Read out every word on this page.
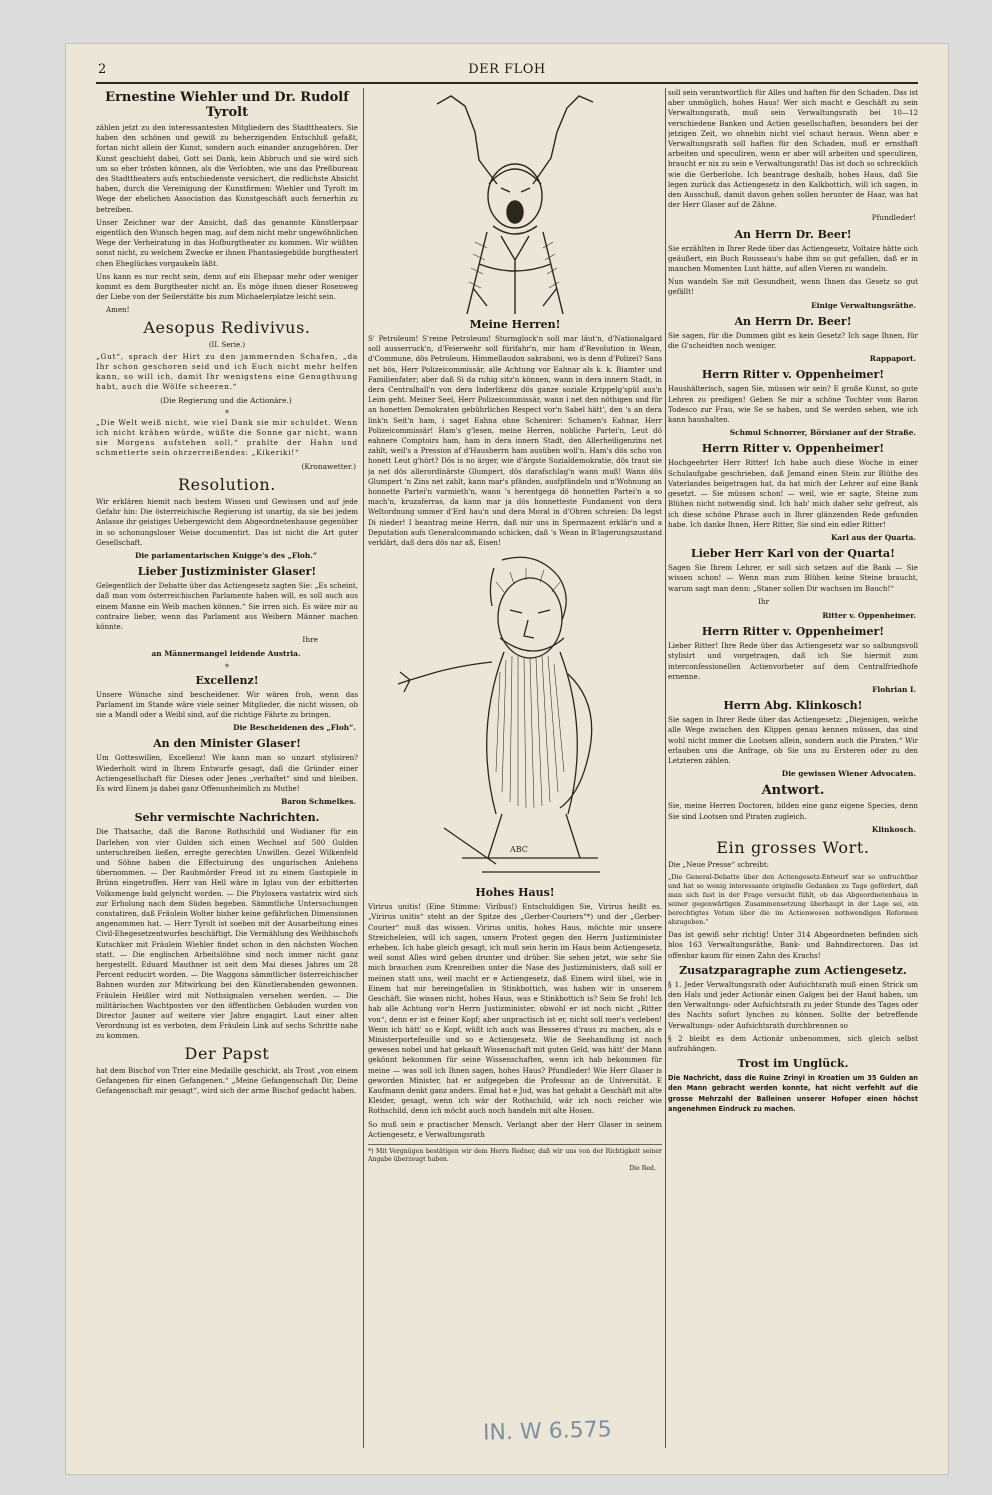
2	DER FLOH
Ernestine Wiehler und Dr. Rudolf Tyrolt

zählen jetzt zu den interessantesten Mitgliedern des Stadttheaters. Sie haben den schönen und gewiß zu beherzigenden Entschluß gefaßt, fortan nicht allein der Kunst, sondern auch einander anzugehören. Der Kunst geschieht dabei, Gott sei Dank, kein Abbruch und sie wird sich um so eher trösten können, als die Verlobten, wie uns das Preßbureau des Stadttheaters aufs entschiedenste versichert, die redlichste Absicht haben, durch die Vereinigung der Kunstfirmen: Wiehler und Tyrolt im Wege der ehelichen Association das Kunstgeschäft auch fernerhin zu betreiben.

Unser Zeichner war der Ansicht, daß das genannte Künstlerpaar eigentlich den Wunsch hegen mag, auf dem nicht mehr ungewöhnlichen Wege der Verheiratung in das Hofburgtheater zu kommen. Wir wüßten sonst nicht, zu welchem Zwecke er ihnen Phantasiegebilde burgtheaterl chen Eheglückes vorgaukeln läßt.

Uns kann es nur recht sein, denn auf ein Ehepaar mehr oder weniger kommt es dem Burgtheater nicht an. Es möge ihnen dieser Rosenweg der Liebe von der Seilerstätte bis zum Michaelerplatze leicht sein.

Amen!

Aesopus Redivivus.
(II. Serie.)

„Gut“, sprach der Hirt zu den jammernden Schafen, „da Ihr schon geschoren seid und ich Euch nicht mehr helfen kann, so will ich, damit Ihr wenigstens eine Genugthuung habt, auch die Wölfe scheeren.“

(Die Regierung und die Actionäre.)
*

„Die Welt weiß nicht, wie viel Dank sie mir schuldet. Wenn ich nicht krähen würde, wüßte die Sonne gar nicht, wann sie Morgens aufstehen soll,“ prahlte der Hahn und schmetterte sein ohrzerreißendes: „Kikeriki!“

(Kronawetter.)
Resolution.

Wir erklären hiemit nach bestem Wissen und Gewissen und auf jede Gefahr hin: Die österreichische Regierung ist unartig, da sie bei jedem Anlasse ihr geistiges Uebergewicht dem Abgeordnetenhause gegenüber in so schonungsloser Weise documentirt. Das ist nicht die Art guter Gesellschaft.

Die parlamentarischen Knigge's des „Floh.“
Lieber Justizminister Glaser!

Gelegentlich der Debatte über das Actiengesetz sagten Sie: „Es scheint, daß man vom österreichischen Parlamente haben will, es soll auch aus einem Manne ein Weib machen können.“ Sie irren sich. Es wäre mir au contraire lieber, wenn das Parlament aus Weibern Männer machen könnte.

Ihre
an Männermangel leidende Austria.
*
Excellenz!

Unsere Wünsche sind bescheidener. Wir wären froh, wenn das Parlament im Stande wäre viele seiner Mitglieder, die nicht wissen, ob sie a Mandl oder a Weibl sind, auf die richtige Fährte zu bringen.

Die Bescheidenen des „Floh“.
An den Minister Glaser!

Um Gotteswillen, Excellenz! Wie kann man so unzart stylisiren? Wiederholt wird in Ihrem Entwurfe gesagt, daß die Gründer einer Actiengesellschaft für Dieses oder Jenes „verhaftet“ sind und bleiben. Es wird Einem ja dabei ganz Offenunheimlich zu Muthe!

Baron Schmelkes.
Sehr vermischte Nachrichten.

Die Thatsache, daß die Barone Rothschild und Wodianer für ein Darlehen von vier Gulden sich einen Wechsel auf 500 Gulden unterschreiben ließen, erregte gerechten Unwillen. Gezel Wilkenfeld und Söhne haben die Effectuirung des ungarischen Anlehens übernommen. — Der Raubmörder Freud ist zu einem Gastspiele in Brünn eingetroffen. Herr van Hell wäre in Iglau von der erbitterten Volksmenge bald gelyncht worden. — Die Phyloxera vastatrix wird sich zur Erholung nach dem Süden begeben. Sämmtliche Untersuchungen constatiren, daß Fräulein Wolter bisher keine gefährlichen Dimensionen angenommen hat. — Herr Tyrolt ist soeben mit der Ausarbeitung eines Civil-Ehegesetzentwurfes beschäftigt. Die Vermählung des Weihbischofs Kutschker mit Fräulein Wiehler findet schon in den nächsten Wochen statt. — Die englischen Arbeitslöhne sind noch immer nicht ganz hergestellt. Eduard Mauthner ist seit dem Mai dieses Jahres um 28 Percent reducirt worden. — Die Waggons sämmtlicher österreichischer Bahnen wurden zur Mitwirkung bei den Künstlerabenden gewonnen. Fräulein Heißler wird mit Nothsignalen versehen werden. — Die militärischen Wachtposten vor den öffentlichen Gebäuden wurden von Director Jauner auf weitere vier Jahre engagirt. Laut einer alten Verordnung ist es verboten, dem Fräulein Link auf sechs Schritte nahe zu kommen.

Der Papst

hat dem Bischof von Trier eine Medaille geschickt, als Trost „von einem Gefangenen für einen Gefangenen.“ „Meine Gefangenschaft Dir, Deine Gefangenschaft mir gesagt“, wird sich der arme Bischof gedacht haben.

Meine Herren!

S' Petroleum! S'reine Petroleum! Sturmglock'n soll mar läut'n, d'Nationalgard soll ausserruck'n, d'Feierwehr soll fürifahr'n, mir ham d'Revolution in Wean, d'Commune, dös Petroleum. Himmellaudon sakrabonі, wo is denn d'Polizei? Sans net bös, Herr Polizeicommissär, alle Achtung vor Eahnar als k. k. Biamter und Familienfater; aber daß Si da ruhig sitz'n können, wann in dera innern Stadt, in dera Centralhall'n von dera Inderlikenz dös ganze soziale Krippelg'spül aus'n Leim geht. Meiner Seel, Herr Polizeicommissär, wann i net den nöthigen und für an honetten Demokraten gebührlichen Respect vor'n Sabel hätt', den 's an dera link'n Seit'n ham, i saget Eahna ohne Schenirer: Schamen's Eahnar, Herr Polizeicommissär! Ham's g'lesen, meine Herren, nobliche Partei'n, Leut dö eahnere Comptoirs ham, ham in dera innern Stadt, den Allerheiligenzins net zahlt, weil's a Pression af d'Hausherrn ham ausüben woll'n. Ham's dös scho von honett Leut g'hört? Dös is no ärger, wie d'ärgste Sozialdemokratie, dös traut sie ja net dös allerordinärste Glumpert, dös darafschlag'n wann muß! Wann dös Glumpert 'n Zins net zahlt, kann mar's pfänden, ausfpfändeln und n'Wohnung an honnette Partei'n varmieth'n, wann 's herentgega dö honnetten Partei'n a so mach'n, kruzaferras, da kann mar ja dös honnetteste Fundament von dera Weltordnung ummer d'Erd hau'n und dera Moral in d'Ohren schreien: Da legst Di nieder! I beantrag meine Herrn, daß mir uns in Spermazent erklär'n und a Deputation aufs Generalcommando schicken, daß 's Wean in B'lagerungszustand verklärt, daß dera dös nar aß, Eisen!

ABC
Hohes Haus!

Virirus unitis! (Eine Stimme: Viribus!) Entschuldigen Sie, Virirus heißt es. „Virirus unitis“ steht an der Spitze des „Gerber-Couriers“*) und der „Gerber-Courier“ muß das wissen. Virirus unitis, hohes Haus, möchte mir unsere Streicheleien, will ich sagen, unsern Protest gegen den Herrn Justizminister erheben. Ich habe gleich gesagt, ich muß sein herin im Haus beim Actiengesetz, weil sonst Alles wird gehen drunter und drüber. Sie sehen jetzt, wie sehr Sie mich brauchen zum Krenreiben unter die Nase des Justizministers, daß soll er meinen statt uns, weil macht er e Actiengesetz, daß Einem wird übel, wie in Einem hat mir hereingefallen in Stinkbottich, was haben wir in unserem Geschäft. Sie wissen nicht, hohes Haus, was e Stinkbottich is? Sein Se froh! Ich hab alle Achtung vor'n Herrn Justizminister, obwohl er ist noch nicht „Ritter von“, denn er ist e feiner Kopf; aber unpractisch ist er, nicht soll mer's verleben! Wenn ich hätt' so e Kopf, wüßt ich auch was Besseres d'raus zu machen, als e Ministerportefeuille und so e Actiengesetz. Wie de Seehandlung ist noch gewesen nobel und hat gekauft Wissenschaft mit guten Geld, was hätt' der Mann gekönnt bekommen für seine Wissenschaften, wenn ich hab bekommen für meine — was soll ich Ihnen sagen, hohes Haus? Pfundleder! Wie Herr Glaser is geworden Minister, hat er aufgegeben die Professur an de Universität. E Kaufmann denkt ganz anders. Emal hat e Jud, was hat gehabt a Geschäft mit alte Kleider, gesagt, wenn ich wär der Rothschild, wär ich noch reicher wie Rothschild, denn ich möcht auch noch handeln mit alte Hosen.

So muß sein e practischer Mensch. Verlangt aber der Herr Glaser in seinem Actiengesetz, e Verwaltungsrath

*) Mit Vergnügen bestätigen wir dem Herrn Redner, daß wir uns von der Richtigkeit seiner Angabe überzeugt haben.
Die Red.

soll sein verantwortlich für Alles und haften für den Schaden. Das ist aber unmöglich, hohes Haus! Wer sich macht e Geschäft zu sein Verwaltungsrath, muß sein Verwaltungsrath bei 10—12 verschiedene Banken und Actien gesellschaften, besonders bei der jetzigen Zeit, wo ohnehin nicht viel schaut heraus. Wenn aber e Verwaltungsrath soll haften für den Schaden, muß er ernsthaft arbeiten und speculiren, wenn er aber will arbeiten und speculiren, braucht er nix zu sein e Verwaltungsrath! Das ist doch so schrecklich wie die Gerberlohe. Ich beantrage deshalb, hohes Haus, daß Sie legen zurück das Actiengesetz in den Kalkbottich, will ich sagen, in den Ausschuß, damit davon gehen sollen herunter de Haar, was hat der Herr Glaser auf de Zähne.

Pfundleder!
An Herrn Dr. Beer!

Sie erzählten in Ihrer Rede über das Actiengesetz, Voltaire hätte sich geäußert, ein Buch Rousseau's habe ihm so gut gefallen, daß er in manchen Momenten Lust hätte, auf allen Vieren zu wandeln.

Nun wandeln Sie mit Gesundheit, wenn Ihnen das Gesetz so gut gefällt!

Einige Verwaltungsräthe.
An Herrn Dr. Beer!

Sie sagen, für die Dummen gibt es kein Gesetz? Ich sage Ihnen, für die G'scheidten noch weniger.

Rappaport.
Herrn Ritter v. Oppenheimer!

Haushälterisch, sagen Sie, müssen wir sein? E große Kunst, so gute Lehren zu predigen! Geben Se mir a schöne Tochter vom Baron Todesco zur Frau, wie Se se haben, und Se werden sehen, wie ich kann haushalten.

Schmul Schnorrer, Börsianer auf der Straße.
Herrn Ritter v. Oppenheimer!

Hochgeehrter Herr Ritter! Ich habe auch diese Woche in einer Schulaufgabe geschrieben, daß Jemand einen Stein zur Blüthe des Vaterlandes beigetragen hat, da hat mich der Lehrer auf eine Bank gesetzt. — Sie müssen schon! — weil, wie er sagte, Steine zum Blühen nicht notwendig sind. Ich hab' mich daher sehr gefreut, als ich diese schöne Phrase auch in Ihrer glänzenden Rede gefunden habe. Ich danke Ihnen, Herr Ritter, Sie sind ein edler Ritter!

Karl aus der Quarta.
Lieber Herr Karl von der Quarta!

Sagen Sie Ihrem Lehrer, er soll sich setzen auf die Bank — Sie wissen schon! — Wenn man zum Blühen keine Steine braucht, warum sagt man denn: „Staner sollen Dir wachsen im Bauch!“

Ihr
Ritter v. Oppenheimer.
Herrn Ritter v. Oppenheimer!

Lieber Ritter! Ihre Rede über das Actiengesetz war so salbungsvoll stylisirt und vorgetragen, daß ich Sie hiermit zum interconfessionellen Actienvorbeter auf dem Centralfriedhofe ernenne.

Flohrian I.
Herrn Abg. Klinkosch!

Sie sagen in Ihrer Rede über das Actiengesetz: „Diejenigen, welche alle Wege zwischen den Klippen genau kennen müssen, das sind wohl nicht immer die Lootsen allein, sondern auch die Piraten.“ Wir erlauben uns die Anfrage, ob Sie uns zu Ersteren oder zu den Letzteren zählen.

Die gewissen Wiener Advocaten.
Antwort.

Sie, meine Herren Doctoren, bilden eine ganz eigene Species, denn Sie sind Lootsen und Piraten zugleich.

Klinkosch.
Ein grosses Wort.

Die „Neue Presse“ schreibt:

„Die General-Debatte über den Actiengesetz-Entwurf war so unfruchtbar und hat so wenig interessante originelle Gedanken zu Tage gefördert, daß man sich fast in der Frage versucht fühlt, ob das Abgeordnetenhaus in seiner gegenwärtigen Zusammensetzung überhaupt in der Lage sei, ein berechtigtes Votum über die im Actienwesen nothwendigen Reformen abzugeben.“

Das ist gewiß sehr richtig! Unter 314 Abgeordneten befinden sich blos 163 Verwaltungsräthe, Bank- und Bahndirectoren. Das ist offenbar kaum für einen Zahn des Krachs!

Zusatzparagraphe zum Actiengesetz.

§ 1. Jeder Verwaltungsrath oder Aufsichtsrath muß einen Strick um den Hals und jeder Actionär einen Galgen bei der Hand haben, um den Verwaltungs- oder Aufsichtsrath zu jeder Stunde des Tages oder des Nachts sofort lynchen zu können. Sollte der betreffende Verwaltungs- oder Aufsichtsrath durchbrennen so

§ 2 bleibt es dem Actionär unbenommen, sich gleich selbst aufzuhängen.

Trost im Unglück.

Die Nachricht, dass die Ruine Zrinyi in Kroatien um 35 Gulden an den Mann gebracht werden konnte, hat nicht verfehlt auf die grosse Mehrzahl der Balleinen unserer Hofoper einen höchst angenehmen Eindruck zu machen.

IN. W 6.575
